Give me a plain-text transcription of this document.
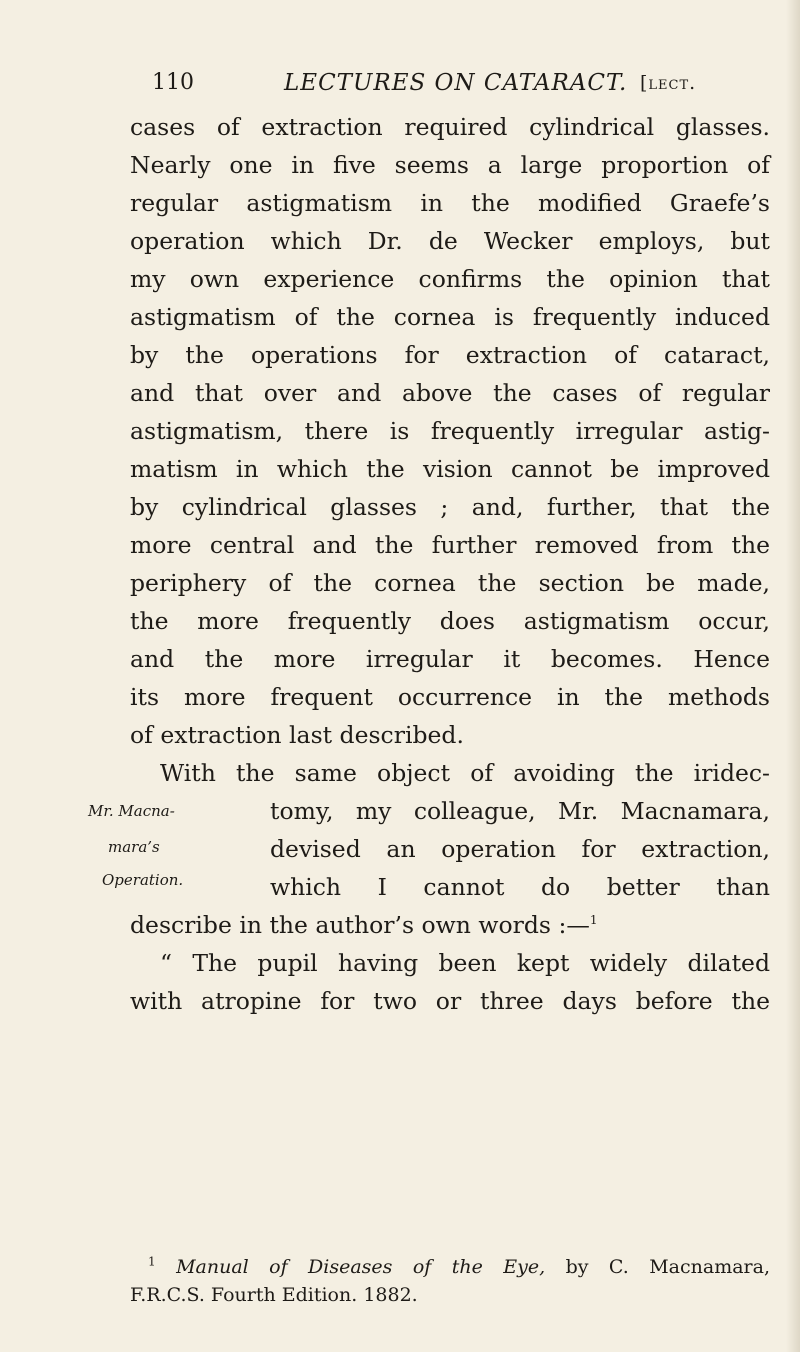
110	LECTURES ON CATARACT. [lect.
cases of extraction required cylindrical glasses.
Nearly one in five seems a large proportion of
regular astigmatism in the modified Graefe’s
operation which Dr. de Wecker employs, but
my own experience confirms the opinion that
astigmatism of the cornea is frequently induced
by the operations for extraction of cataract,
and that over and above the cases of regular
astigmatism, there is frequently irregular astig-
matism in which the vision cannot be improved
by cylindrical glasses ; and, further, that the
more central and the further removed from the
periphery of the cornea the section be made,
the more frequently does astigmatism occur,
and the more irregular it becomes. Hence
its more frequent occurrence in the methods
of extraction last described.
With the same object of avoiding the iridec-
tomy, my colleague, Mr. Macnamara,
devised an operation for extraction,
which I cannot do better than
describe in the author’s own words :—$^1$
“ The pupil having been kept widely dilated
with atropine for two or three days before the
Mr. Macna-
mara’s
Operation.
$^1$ Manual of Diseases of the Eye, by C. Macnamara,
F.R.C.S. Fourth Edition. 1882.
